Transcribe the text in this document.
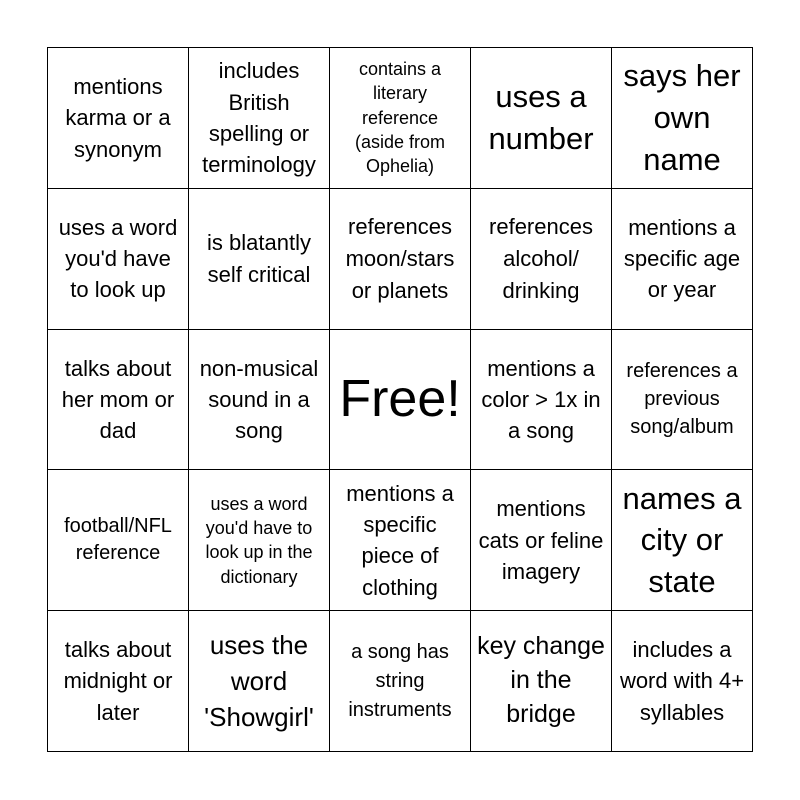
mentions karma or a synonym
includes British spelling or terminology
contains a literary reference (aside from Ophelia)
uses a number
says her own name
uses a word you'd have to look up
is blatantly self critical
references moon/stars or planets
references alcohol/ drinking
mentions a specific age or year
talks about her mom or dad
non-musical sound in a song
Free!
mentions a color > 1x in a song
references a previous song/album
football/NFL reference
uses a word you'd have to look up in the dictionary
mentions a specific piece of clothing
mentions cats or feline imagery
names a city or state
talks about midnight or later
uses the word 'Showgirl'
a song has string instruments
key change in the bridge
includes a word with 4+ syllables
